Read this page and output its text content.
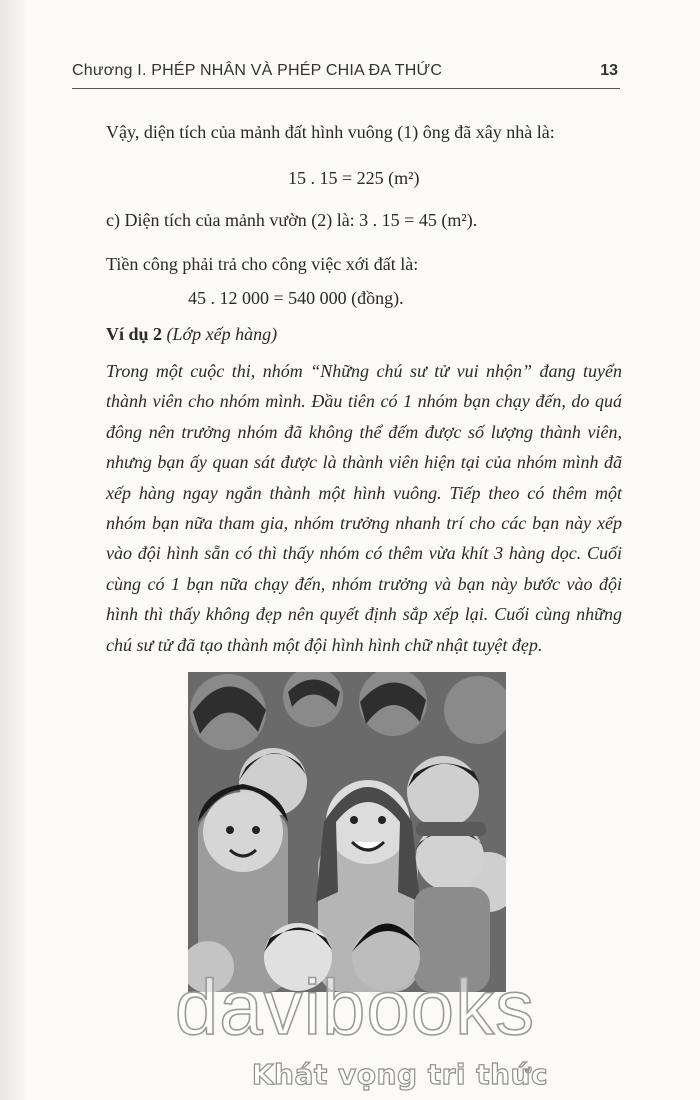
Chương I. PHÉP NHÂN VÀ PHÉP CHIA ĐA THỨC	13
Vậy, diện tích của mảnh đất hình vuông (1) ông đã xây nhà là:
15 . 15 = 225 (m²)
c) Diện tích của mảnh vườn (2) là: 3 . 15 = 45 (m²).
Tiền công phải trả cho công việc xới đất là:
45 . 12 000 = 540 000 (đồng).
Ví dụ 2 (Lớp xếp hàng)

Trong một cuộc thi, nhóm “Những chú sư tử vui nhộn” đang tuyển thành viên cho nhóm mình. Đầu tiên có 1 nhóm bạn chạy đến, do quá đông nên trưởng nhóm đã không thể đếm được số lượng thành viên, nhưng bạn ấy quan sát được là thành viên hiện tại của nhóm mình đã xếp hàng ngay ngắn thành một hình vuông. Tiếp theo có thêm một nhóm bạn nữa tham gia, nhóm trưởng nhanh trí cho các bạn này xếp vào đội hình sẵn có thì thấy nhóm có thêm vừa khít 3 hàng dọc. Cuối cùng có 1 bạn nữa chạy đến, nhóm trưởng và bạn này bước vào đội hình thì thấy không đẹp nên quyết định sắp xếp lại. Cuối cùng những chú sư tử đã tạo thành một đội hình hình chữ nhật tuyệt đẹp.

davibooks
Khát vọng tri thức
